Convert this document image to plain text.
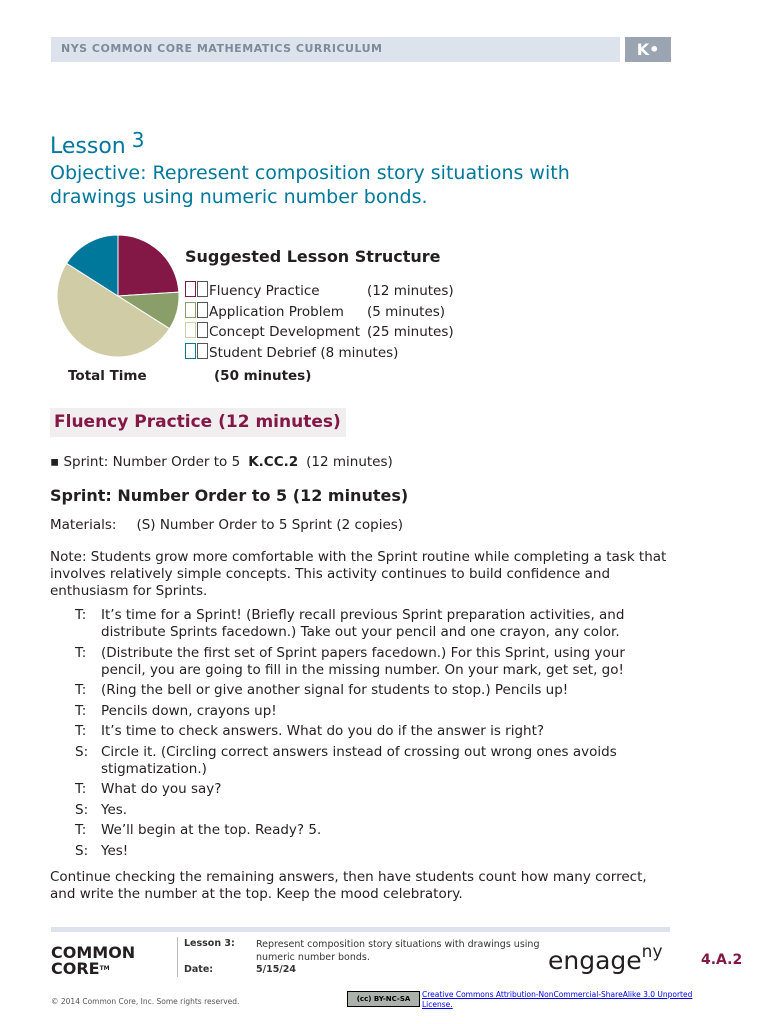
NYS COMMON CORE MATHEMATICS CURRICULUM	K•
Lesson 3
Objective: Represent composition story situations with drawings using numeric number bonds.
Suggested Lesson Structure
Fluency Practice	(12 minutes)
Application Problem (5 minutes)
Concept Development (25 minutes)
Student Debrief (8 minutes)
Total Time	(50 minutes)
Fluency Practice (12 minutes)
▪ Sprint: Number Order to 5 K.CC.2 (12 minutes)
Sprint: Number Order to 5 (12 minutes)
Materials: (S) Number Order to 5 Sprint (2 copies)
Note: Students grow more comfortable with the Sprint routine while completing a task that involves relatively simple concepts. This activity continues to build confidence and enthusiasm for Sprints.
T:	It’s time for a Sprint! (Briefly recall previous Sprint preparation activities, and distribute Sprints facedown.) Take out your pencil and one crayon, any color.
T:	(Distribute the first set of Sprint papers facedown.) For this Sprint, using your pencil, you are going to fill in the missing number. On your mark, get set, go!
T:	(Ring the bell or give another signal for students to stop.) Pencils up!
T:	Pencils down, crayons up!
T:	It’s time to check answers. What do you do if the answer is right?
S: Circle it. (Circling correct answers instead of crossing out wrong ones avoids stigmatization.)
T:	What do you say?
S: Yes.
T:	We’ll begin at the top. Ready? 5.
S: Yes!
Continue checking the remaining answers, then have students count how many correct, and write the number at the top. Keep the mood celebratory.
COMMON
CORE™
Lesson 3:
Date:
Represent composition story situations with drawings using numeric number bonds.
5/15/24	engage$^{ny}$	4.A.2
© 2014 Common Core, Inc. Some rights reserved.	(cc) BY-NC-SA	Creative Commons Attribution-NonCommercial-ShareAlike 3.0 Unported License.
